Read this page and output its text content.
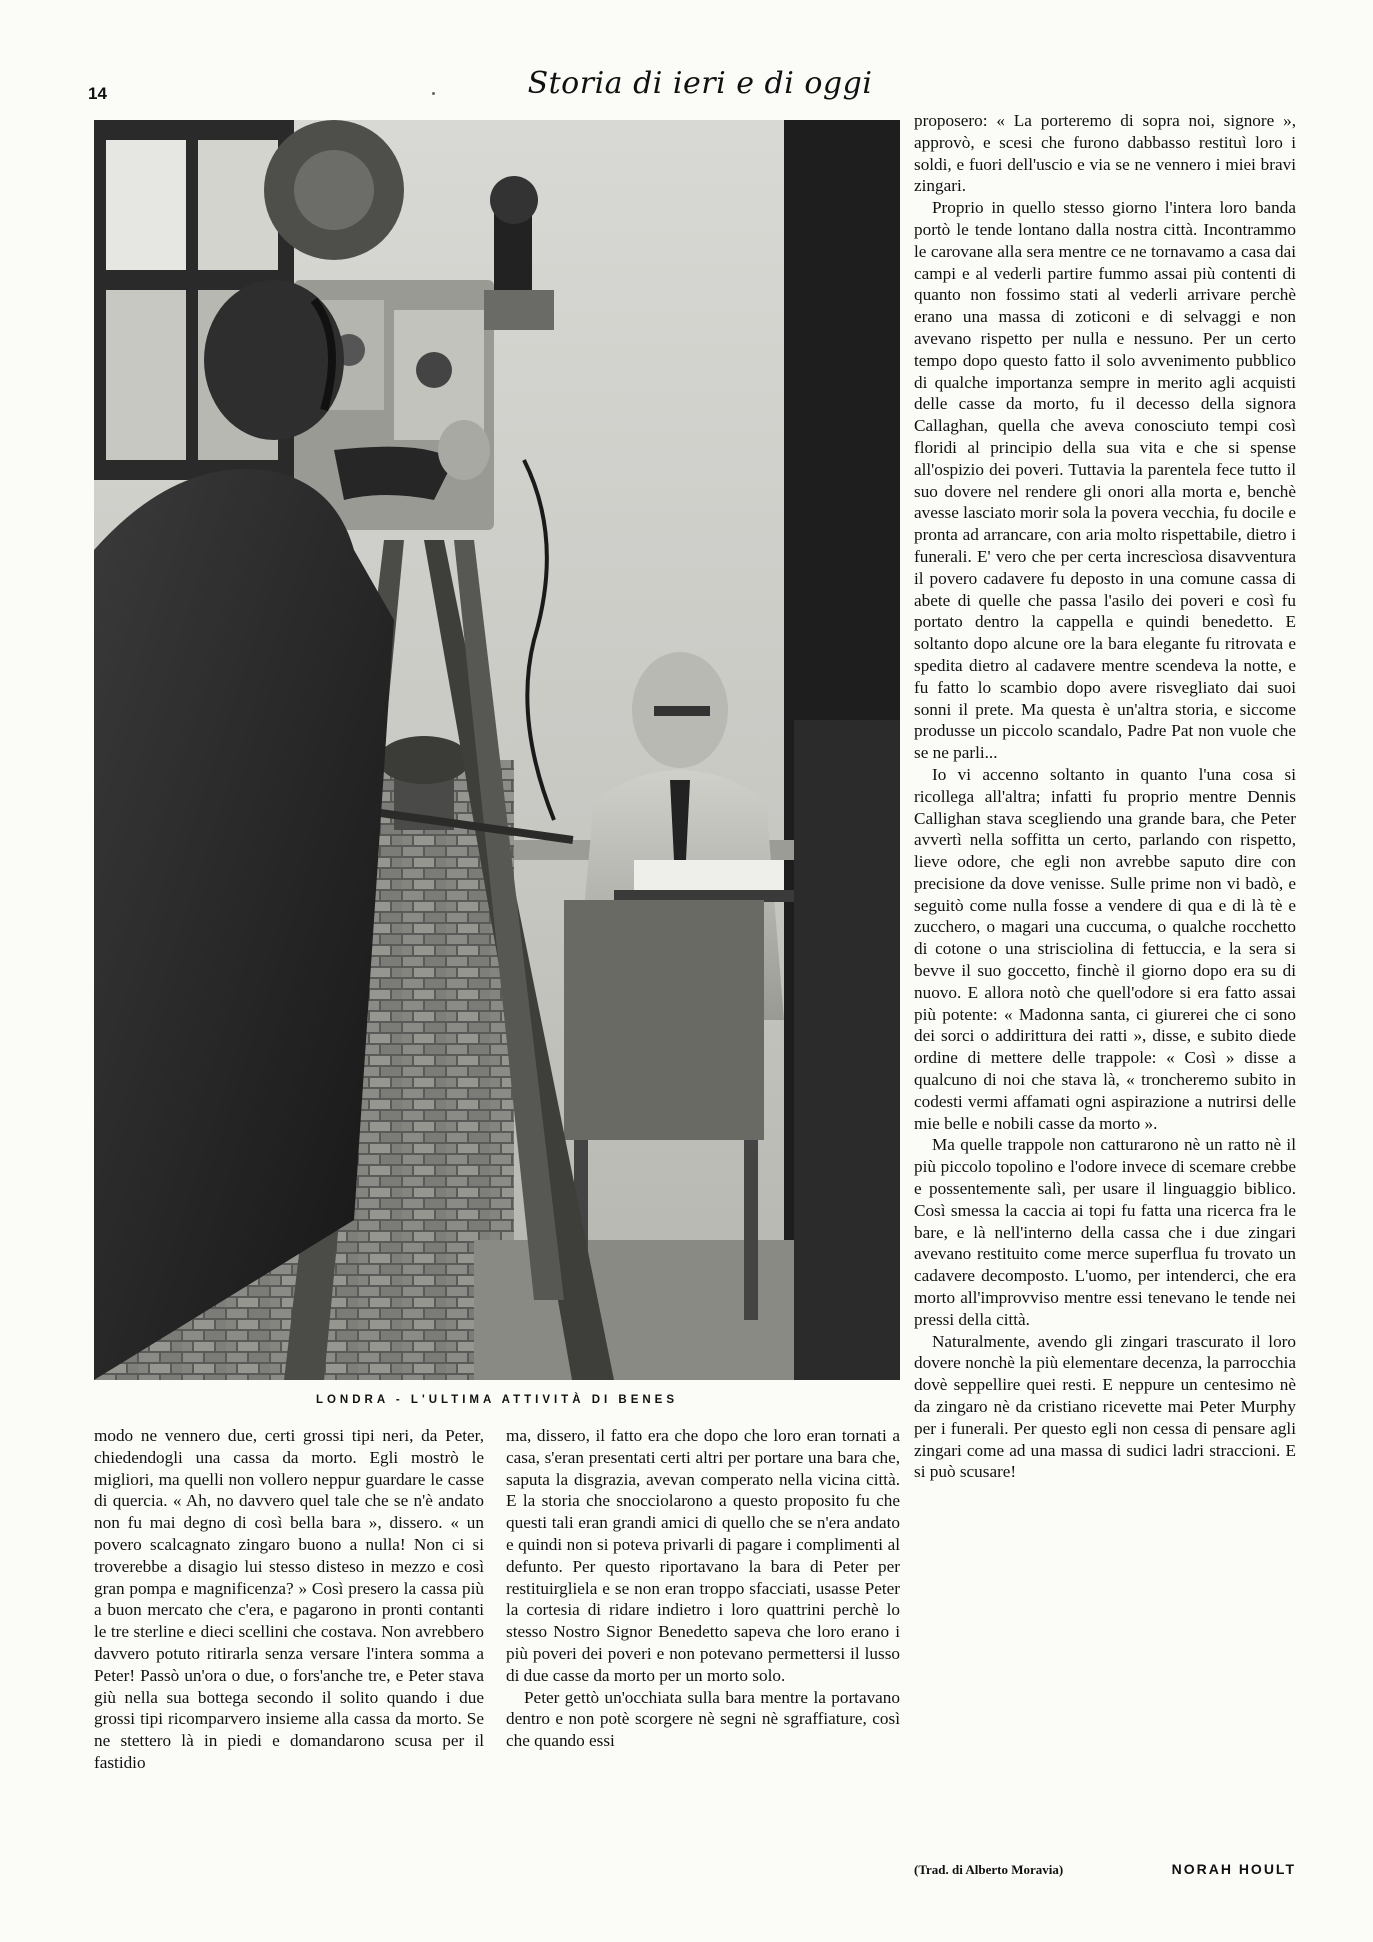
14	Storia di ieri e di oggi
LONDRA - L'ULTIMA ATTIVITÀ DI BENES

proposero: « La porteremo di sopra noi, signore », approvò, e scesi che furono dabbasso restituì loro i soldi, e fuori dell'uscio e via se ne vennero i miei bravi zingari.

Proprio in quello stesso giorno l'intera loro banda portò le tende lontano dalla nostra città. Incontrammo le carovane alla sera mentre ce ne tornavamo a casa dai campi e al vederli partire fummo assai più contenti di quanto non fossimo stati al vederli arrivare perchè erano una massa di zoticoni e di selvaggi e non avevano rispetto per nulla e nessuno. Per un certo tempo dopo questo fatto il solo avvenimento pubblico di qualche importanza sempre in merito agli acquisti delle casse da morto, fu il decesso della signora Callaghan, quella che aveva conosciuto tempi così floridi al principio della sua vita e che si spense all'ospizio dei poveri. Tuttavia la parentela fece tutto il suo dovere nel rendere gli onori alla morta e, benchè avesse lasciato morir sola la povera vecchia, fu docile e pronta ad arrancare, con aria molto rispettabile, dietro i funerali. E' vero che per certa increscìosa disavventura il povero cadavere fu deposto in una comune cassa di abete di quelle che passa l'asilo dei poveri e così fu portato dentro la cappella e quindi benedetto. E soltanto dopo alcune ore la bara elegante fu ritrovata e spedita dietro al cadavere mentre scendeva la notte, e fu fatto lo scambio dopo avere risvegliato dai suoi sonni il prete. Ma questa è un'altra storia, e siccome produsse un piccolo scandalo, Padre Pat non vuole che se ne parli...

Io vi accenno soltanto in quanto l'una cosa si ricollega all'altra; infatti fu proprio mentre Dennis Callighan stava scegliendo una grande bara, che Peter avvertì nella soffitta un certo, parlando con rispetto, lieve odore, che egli non avrebbe saputo dire con precisione da dove venisse. Sulle prime non vi badò, e seguitò come nulla fosse a vendere di qua e di là tè e zucchero, o magari una cuccuma, o qualche rocchetto di cotone o una strisciolina di fettuccia, e la sera si bevve il suo goccetto, finchè il giorno dopo era su di nuovo. E allora notò che quell'odore si era fatto assai più potente: « Madonna santa, ci giurerei che ci sono dei sorci o addirittura dei ratti », disse, e subito diede ordine di mettere delle trappole: « Così » disse a qualcuno di noi che stava là, « troncheremo subito in codesti vermi affamati ogni aspirazione a nutrirsi delle mie belle e nobili casse da morto ».

Ma quelle trappole non catturarono nè un ratto nè il più piccolo topolino e l'odore invece di scemare crebbe e possentemente salì, per usare il linguaggio biblico. Così smessa la caccia ai topi fu fatta una ricerca fra le bare, e là nell'interno della cassa che i due zingari avevano restituito come merce superflua fu trovato un cadavere decomposto. L'uomo, per intenderci, che era morto all'improvviso mentre essi tenevano le tende nei pressi della città.

Naturalmente, avendo gli zingari trascurato il loro dovere nonchè la più elementare decenza, la parrocchia dovè seppellire quei resti. E neppure un centesimo nè da zingaro nè da cristiano ricevette mai Peter Murphy per i funerali. Per questo egli non cessa di pensare agli zingari come ad una massa di sudici ladri straccioni. E si può scusare!

modo ne vennero due, certi grossi tipi neri, da Peter, chiedendogli una cassa da morto. Egli mostrò le migliori, ma quelli non vollero neppur guardare le casse di quercia. « Ah, no davvero quel tale che se n'è andato non fu mai degno di così bella bara », dissero. « un povero scalcagnato zingaro buono a nulla! Non ci si troverebbe a disagio lui stesso disteso in mezzo e così gran pompa e magnificenza? » Così presero la cassa più a buon mercato che c'era, e pagarono in pronti contanti le tre sterline e dieci scellini che costava. Non avrebbero davvero potuto ritirarla senza versare l'intera somma a Peter! Passò un'ora o due, o fors'anche tre, e Peter stava giù nella sua bottega secondo il solito quando i due grossi tipi ricomparvero insieme alla cassa da morto. Se ne stettero là in piedi e domandarono scusa per il fastidio

ma, dissero, il fatto era che dopo che loro eran tornati a casa, s'eran presentati certi altri per portare una bara che, saputa la disgrazia, avevan comperato nella vicina città. E la storia che snocciolarono a questo proposito fu che questi tali eran grandi amici di quello che se n'era andato e quindi non si poteva privarli di pagare i complimenti al defunto. Per questo riportavano la bara di Peter per restituirgliela e se non eran troppo sfacciati, usasse Peter la cortesia di ridare indietro i loro quattrini perchè lo stesso Nostro Signor Benedetto sapeva che loro erano i più poveri dei poveri e non potevano permettersi il lusso di due casse da morto per un morto solo.

Peter gettò un'occhiata sulla bara mentre la portavano dentro e non potè scorgere nè segni nè sgraffiature, così che quando essi

(Trad. di Alberto Moravia)	NORAH HOULT
